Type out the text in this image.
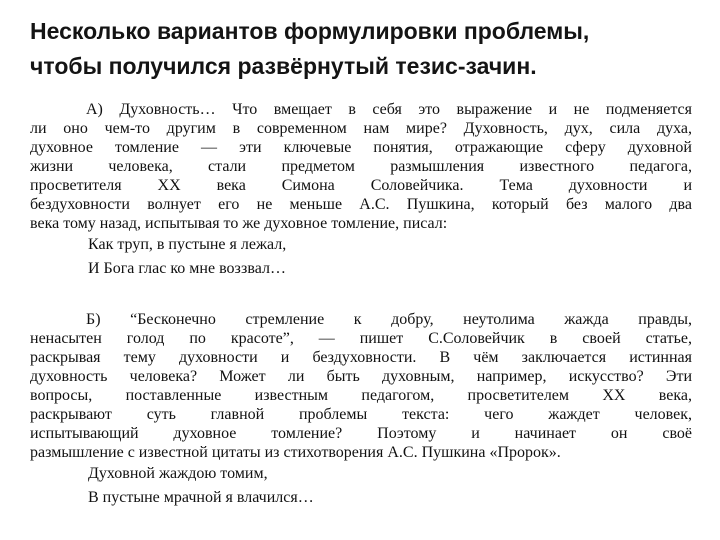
Несколько вариантов формулировки проблемы,
чтобы получился развёрнутый тезис-зачин.
А) Духовность… Что вмещает в себя это выражение и не подменяется
ли оно чем-то другим в современном нам мире? Духовность, дух, сила духа,
духовное томление — эти ключевые понятия, отражающие сферу духовной
жизни человека, стали предметом размышления известного педагога,
просветителя XX века Симона Соловейчика. Тема духовности и
бездуховности волнует его не меньше А.С. Пушкина, который без малого два
века тому назад, испытывая то же духовное томление, писал:
Как труп, в пустыне я лежал,
И Бога глас ко мне воззвал…
Б) “Бесконечно стремление к добру, неутолима жажда правды,
ненасытен голод по красоте”, — пишет С.Соловейчик в своей статье,
раскрывая тему духовности и бездуховности. В чём заключается истинная
духовность человека? Может ли быть духовным, например, искусство? Эти
вопросы, поставленные известным педагогом, просветителем XX века,
раскрывают суть главной проблемы текста: чего жаждет человек,
испытывающий духовное томление? Поэтому и начинает он своё
размышление с известной цитаты из стихотворения А.С. Пушкина «Пророк».
Духовной жаждою томим,
В пустыне мрачной я влачился…
